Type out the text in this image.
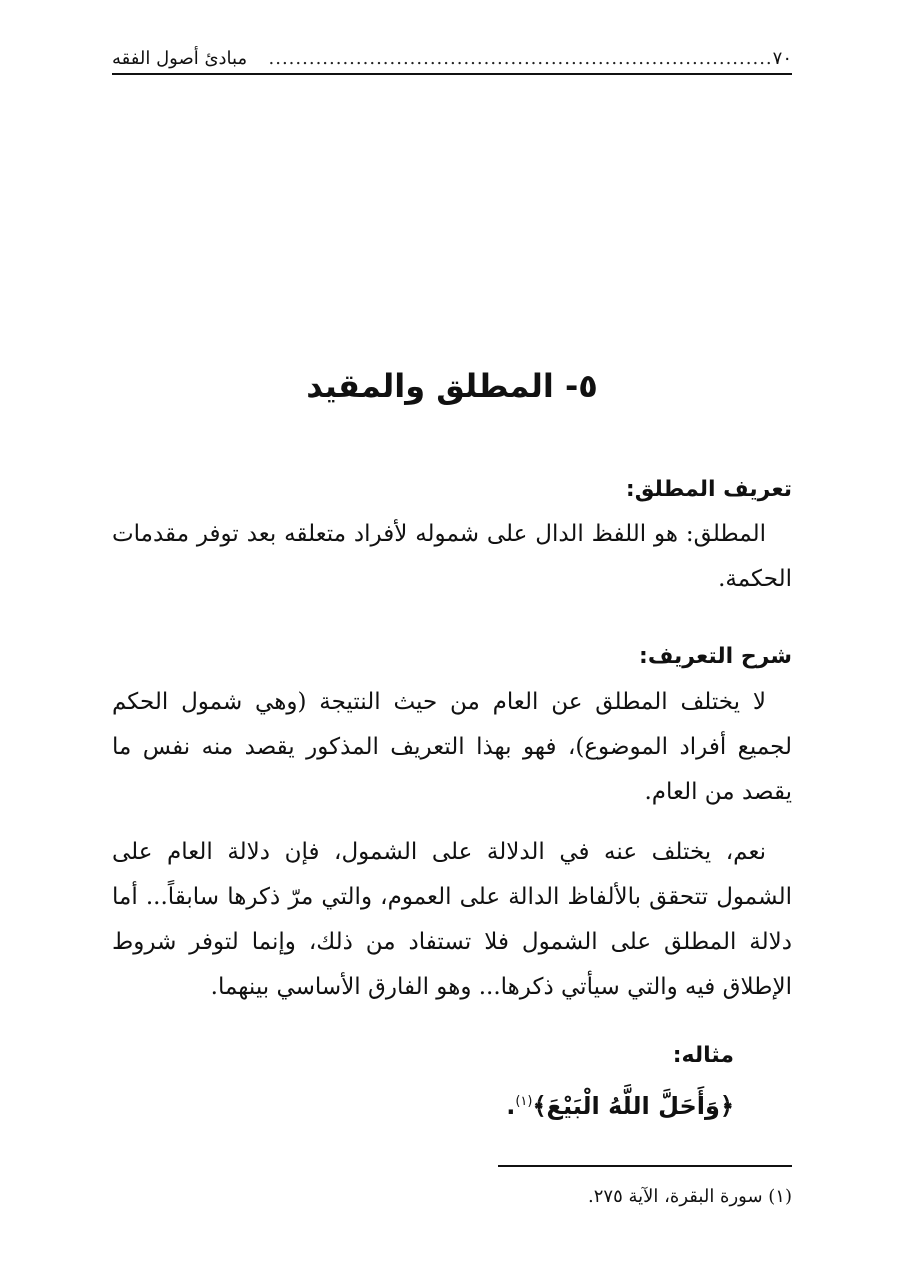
٧٠
...........................................................................
مبادئ أصول الفقه
٥- المطلق والمقيد
تعريف المطلق:
المطلق: هو اللفظ الدال على شموله لأفراد متعلقه بعد توفر مقدمات الحكمة.
شرح التعريف:
لا يختلف المطلق عن العام من حيث النتيجة (وهي شمول الحكم لجميع أفراد الموضوع)، فهو بهذا التعريف المذكور يقصد منه نفس ما يقصد من العام.
نعم، يختلف عنه في الدلالة على الشمول، فإن دلالة العام على الشمول تتحقق بالألفاظ الدالة على العموم، والتي مرّ ذكرها سابقاً... أما دلالة المطلق على الشمول فلا تستفاد من ذلك، وإنما لتوفر شروط الإطلاق فيه والتي سيأتي ذكرها... وهو الفارق الأساسي بينهما.
مثاله:
﴿وَأَحَلَّ اللَّهُ الْبَيْعَ﴾$^{(١)}$.
(١) سورة البقرة، الآية ٢٧٥.
